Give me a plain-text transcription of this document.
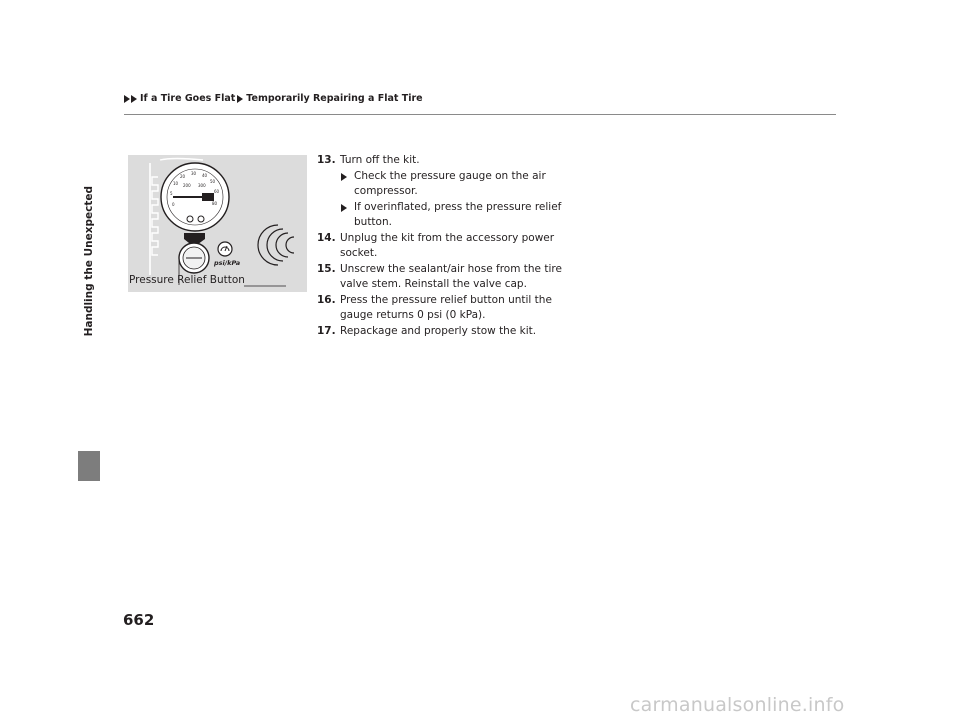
If a Tire Goes Flat Temporarily Repairing a Flat Tire
Handling the Unexpected
10
20
30 40
50
60
5
0	80
200 300
psi/kPa
Pressure Relief Button
13. Turn off the kit.
Check the pressure gauge on the air compressor.
If overinflated, press the pressure relief button.
14. Unplug the kit from the accessory power socket.
15. Unscrew the sealant/air hose from the tire valve stem. Reinstall the valve cap.
16. Press the pressure relief button until the gauge returns 0 psi (0 kPa).
17. Repackage and properly stow the kit.
662
carmanualsonline.info
